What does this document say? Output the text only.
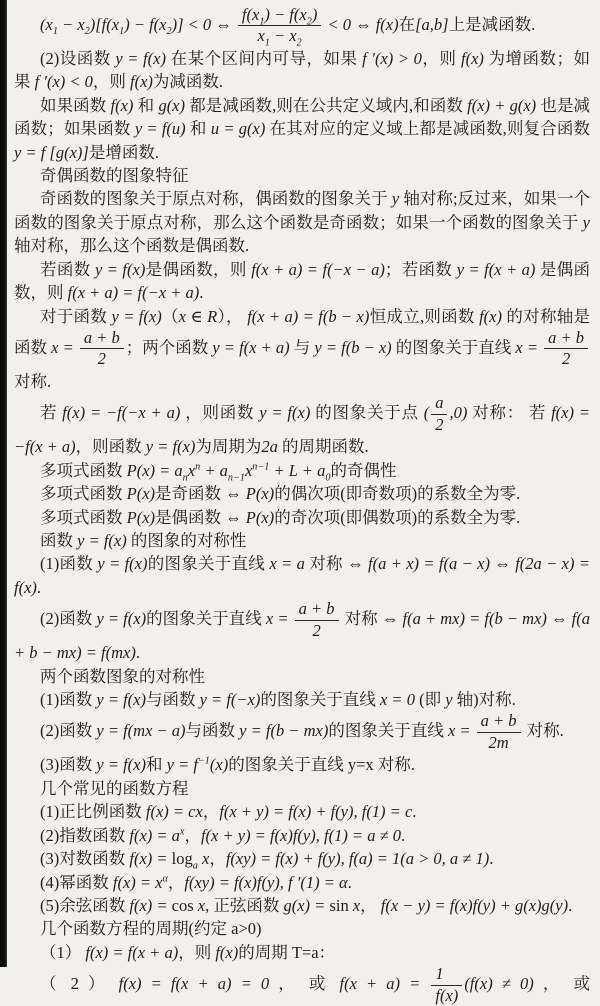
$(x_1 - x_2)[f(x_1) - f(x_2)] < 0$ ⇔ $\frac{f(x_1) - f(x_2)}{x_1 - x_2} < 0$ ⇔ f(x)在[a,b]上是减函数.

(2)设函数 y = f(x) 在某个区间内可导，如果 f ′(x) > 0，则 f(x) 为增函数；如果 f ′(x) < 0，则 f(x)为减函数.

如果函数 f(x) 和 g(x) 都是减函数,则在公共定义域内,和函数 f(x) + g(x) 也是减函数；如果函数 y = f(u) 和 u = g(x) 在其对应的定义域上都是减函数,则复合函数 y = f [g(x)]是增函数.

奇偶函数的图象特征

奇函数的图象关于原点对称，偶函数的图象关于 y 轴对称;反过来，如果一个函数的图象关于原点对称，那么这个函数是奇函数；如果一个函数的图象关于 y 轴对称，那么这个函数是偶函数.

若函数 y = f(x)是偶函数，则 f(x + a) = f(−x − a)；若函数 y = f(x + a) 是偶函数，则 f(x + a) = f(−x + a).

对于函数 y = f(x)（x ∈ R）， f(x + a) = f(b − x)恒成立,则函数 f(x) 的对称轴是函数 $x = \frac{a + b}{2}$ ；两个函数 y = f(x + a) 与 y = f(b − x) 的图象关于直线 $x = \frac{a + b}{2}$
对称.

若 f(x) = −f(−x + a) ，则函数 y = f(x) 的图象关于点 ( $\frac{a}{2} ,0$) 对称： 若 f(x) = −f(x + a)，则函数 y = f(x)为周期为2a 的周期函数.

多项式函数 $P(x) = a_nx^n + a_{n-1}x^{n-1} + L + a_0$的奇偶性

多项式函数 P(x)是奇函数 ⇔ P(x)的偶次项(即奇数项)的系数全为零.

多项式函数 P(x)是偶函数 ⇔ P(x)的奇次项(即偶数项)的系数全为零.

函数 y = f(x) 的图象的对称性

(1)函数 y = f(x)的图象关于直线 x = a 对称 ⇔ f(a + x) = f(a − x) ⇔ f(2a − x) = f(x).

(2)函数 y = f(x)的图象关于直线 $x = \frac{a + b}{2}$ 对称 ⇔ f(a + mx) = f(b − mx) ⇔ f(a + b − mx) = f(mx).

两个函数图象的对称性

(1)函数 y = f(x)与函数 y = f(−x)的图象关于直线 x = 0 (即 y 轴)对称.

(2)函数 y = f(mx − a)与函数 y = f(b − mx)的图象关于直线 $x = \frac{a + b}{2m}$ 对称.

(3)函数 y = f(x)和 $y = f^{-1}(x)$的图象关于直线 y=x 对称.

几个常见的函数方程

(1)正比例函数 f(x) = cx，f(x + y) = f(x) + f(y), f(1) = c.

(2)指数函数 $f(x) = a^x$，f(x + y) = f(x)f(y), f(1) = a ≠ 0.

(3)对数函数 $f(x) = \log_a x$，f(xy) = f(x) + f(y), f(a) = 1(a > 0, a ≠ 1).

(4)幂函数 $f(x) = x^\alpha$，f(xy) = f(x)f(y), f ′(1) = α.

(5)余弦函数 f(x) = cos x, 正弦函数 g(x) = sin x， f(x − y) = f(x)f(y) + g(x)g(y).

几个函数方程的周期(约定 a>0)

（1） f(x) = f(x + a)，则 f(x)的周期 T=a：

（ 2 ） f(x) = f(x + a) = 0 ， 或 $f(x + a) = \frac{1}{f(x)} (f(x) \ne 0)$ ， 或
